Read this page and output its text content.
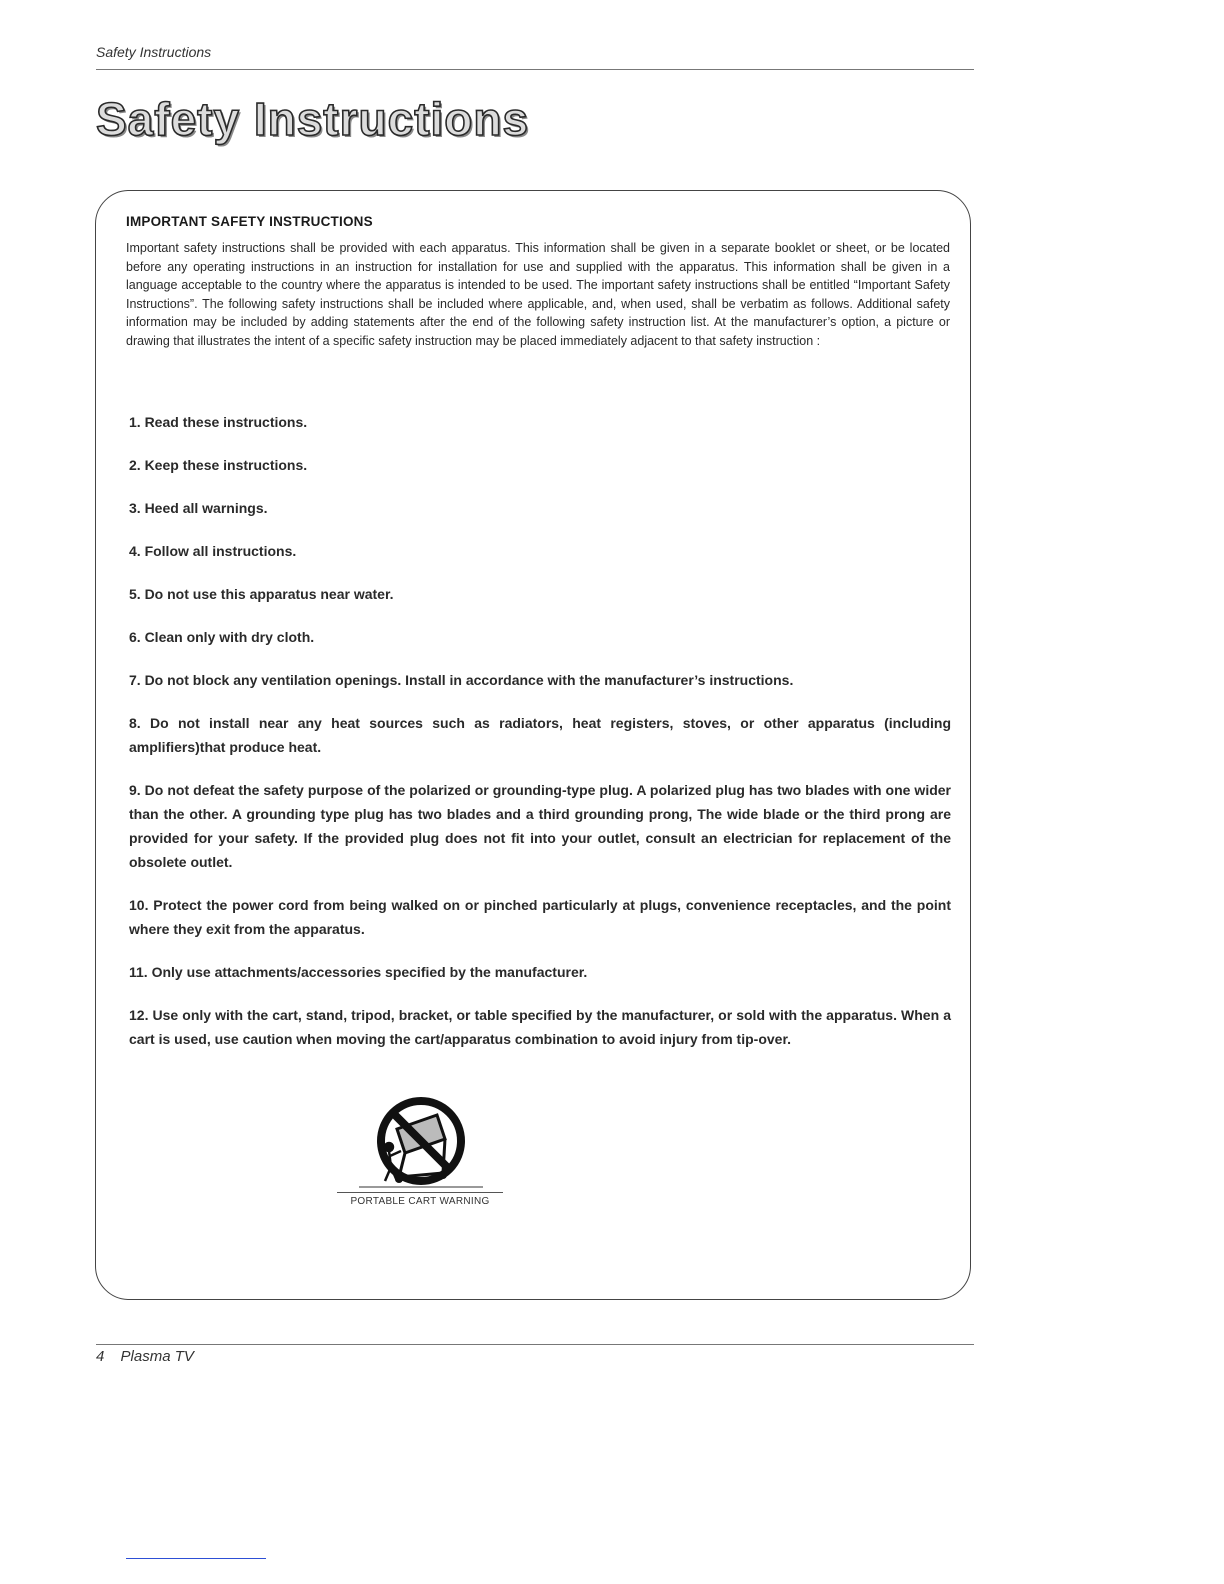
Safety Instructions
Safety Instructions

IMPORTANT SAFETY INSTRUCTIONS

Important safety instructions shall be provided with each apparatus. This information shall be given in a separate booklet or sheet, or be located before any operating instructions in an instruction for installation for use and supplied with the apparatus. This information shall be given in a language acceptable to the country where the apparatus is intended to be used. The important safety instructions shall be entitled “Important Safety Instructions”. The following safety instructions shall be included where applicable, and, when used, shall be verbatim as follows. Additional safety information may be included by adding statements after the end of the following safety instruction list. At the manufacturer’s option, a picture or drawing that illustrates the intent of a specific safety instruction may be placed immediately adjacent to that safety instruction :

1. Read these instructions.
2. Keep these instructions.
3. Heed all warnings.
4. Follow all instructions.
5. Do not use this apparatus near water.
6. Clean only with dry cloth.
7. Do not block any ventilation openings. Install in accordance with the manufacturer’s instructions.
8. Do not install near any heat sources such as radiators, heat registers, stoves, or other apparatus (including amplifiers)that produce heat.
9. Do not defeat the safety purpose of the polarized or grounding-type plug. A polarized plug has two blades with one wider than the other. A grounding type plug has two blades and a third grounding prong, The wide blade or the third prong are provided for your safety. If the provided plug does not fit into your outlet, consult an electrician for replacement of the obsolete outlet.
10. Protect the power cord from being walked on or pinched particularly at plugs, convenience receptacles, and the point where they exit from the apparatus.
11. Only use attachments/accessories specified by the manufacturer.
12. Use only with the cart, stand, tripod, bracket, or table specified by the manufacturer, or sold with the apparatus. When a cart is used, use caution when moving the cart/apparatus combination to avoid injury from tip-over.
PORTABLE CART WARNING
4 Plasma TV
